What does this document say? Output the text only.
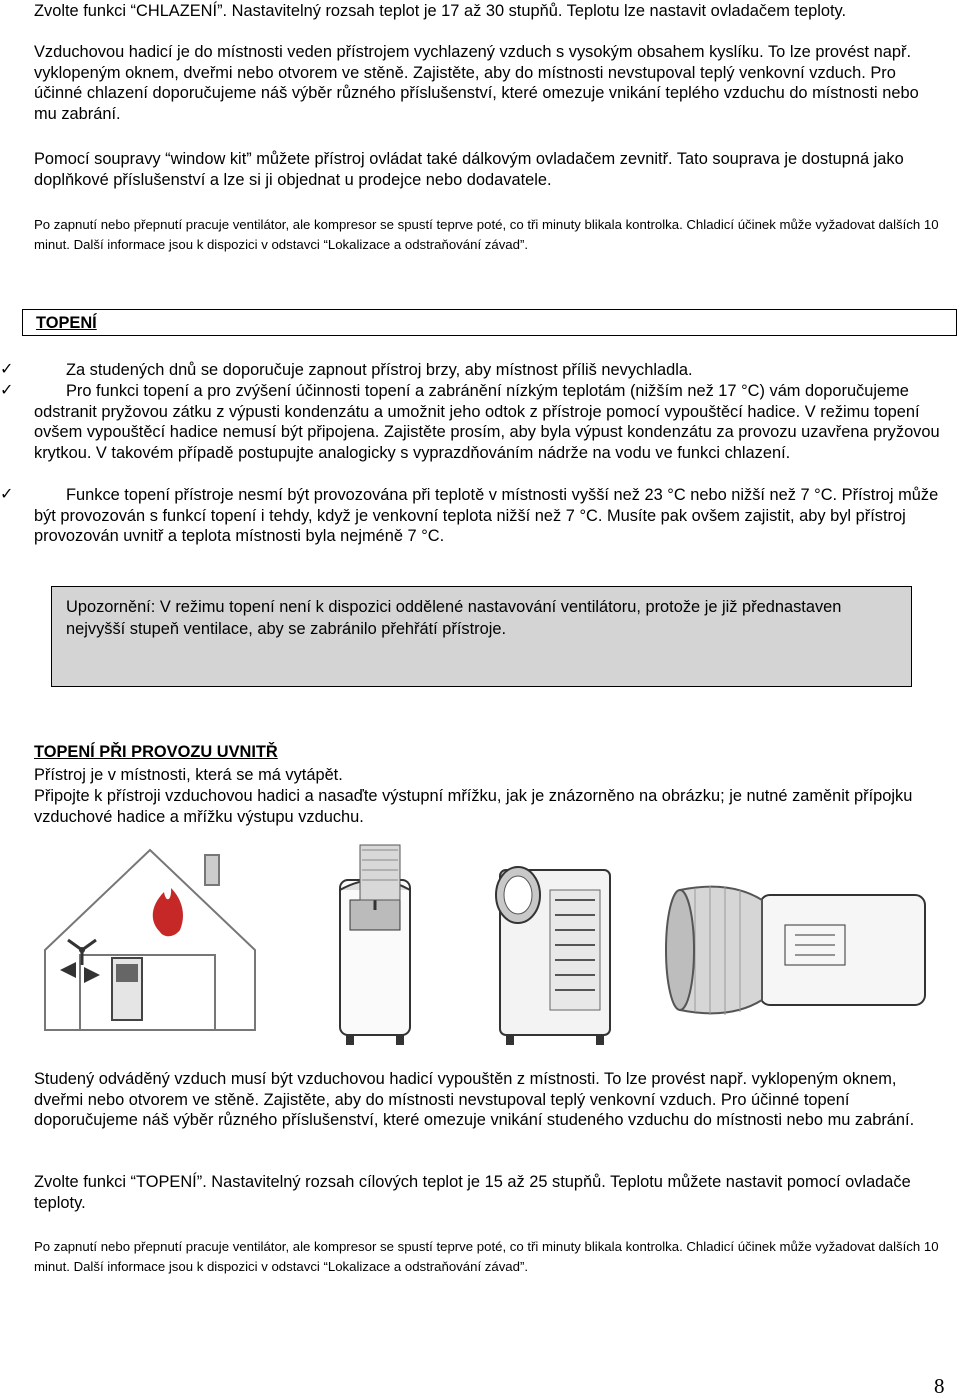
Zvolte funkci “CHLAZENÍ”. Nastavitelný rozsah teplot je 17 až 30 stupňů. Teplotu lze nastavit ovladačem teploty.

Vzduchovou hadicí je do místnosti veden přístrojem vychlazený vzduch s vysokým obsahem kyslíku. To lze provést např. vyklopeným oknem, dveřmi nebo otvorem ve stěně. Zajistěte, aby do místnosti nevstupoval teplý venkovní vzduch. Pro účinné chlazení doporučujeme náš výběr různého příslušenství, které omezuje vnikání teplého vzduchu do místnosti nebo mu zabrání.

Pomocí soupravy “window kit” můžete přístroj ovládat také dálkovým ovladačem zevnitř. Tato souprava je dostupná jako doplňkové příslušenství a lze si ji objednat u prodejce nebo dodavatele.

Po zapnutí nebo přepnutí pracuje ventilátor, ale kompresor se spustí teprve poté, co tři minuty blikala kontrolka. Chladicí účinek může vyžadovat dalších 10 minut. Další informace jsou k dispozici v odstavci “Lokalizace a odstraňování závad”.

TOPENÍ
✓	Za studených dnů se doporučuje zapnout přístroj brzy, aby místnost příliš nevychladla.

✓	Pro funkci topení a pro zvýšení účinnosti topení a zabránění nízkým teplotám (nižším než 17 °C) vám doporučujeme odstranit pryžovou zátku z výpusti kondenzátu a umožnit jeho odtok z přístroje pomocí vypouštěcí hadice. V režimu topení ovšem vypouštěcí hadice nemusí být připojena. Zajistěte prosím, aby byla výpust kondenzátu za provozu uzavřena pryžovou krytkou. V takovém případě postupujte analogicky s vyprazdňováním nádrže na vodu ve funkci chlazení.

✓	Funkce topení přístroje nesmí být provozována při teplotě v místnosti vyšší než 23 °C nebo nižší než 7 °C. Přístroj může být provozován s funkcí topení i tehdy, když je venkovní teplota nižší než 7 °C. Musíte pak ovšem zajistit, aby byl přístroj provozován uvnitř a teplota místnosti byla nejméně 7 °C.

Upozornění: V režimu topení není k dispozici oddělené nastavování ventilátoru, protože je již přednastaven nejvyšší stupeň ventilace, aby se zabránilo přehřátí přístroje.
TOPENÍ PŘI PROVOZU UVNITŘ

Přístroj je v místnosti, která se má vytápět.

Připojte k přístroji vzduchovou hadici a nasaďte výstupní mřížku, jak je znázorněno na obrázku; je nutné zaměnit přípojku vzduchové hadice a mřížku výstupu vzduchu.

Studený odváděný vzduch musí být vzduchovou hadicí vypouštěn z místnosti. To lze provést např. vyklopeným oknem, dveřmi nebo otvorem ve stěně. Zajistěte, aby do místnosti nevstupoval teplý venkovní vzduch. Pro účinné topení doporučujeme náš výběr různého příslušenství, které omezuje vnikání studeného vzduchu do místnosti nebo mu zabrání.

Zvolte funkci “TOPENÍ”. Nastavitelný rozsah cílových teplot je 15 až 25 stupňů. Teplotu můžete nastavit pomocí ovladače teploty.

Po zapnutí nebo přepnutí pracuje ventilátor, ale kompresor se spustí teprve poté, co tři minuty blikala kontrolka. Chladicí účinek může vyžadovat dalších 10 minut. Další informace jsou k dispozici v odstavci “Lokalizace a odstraňování závad”.

8
